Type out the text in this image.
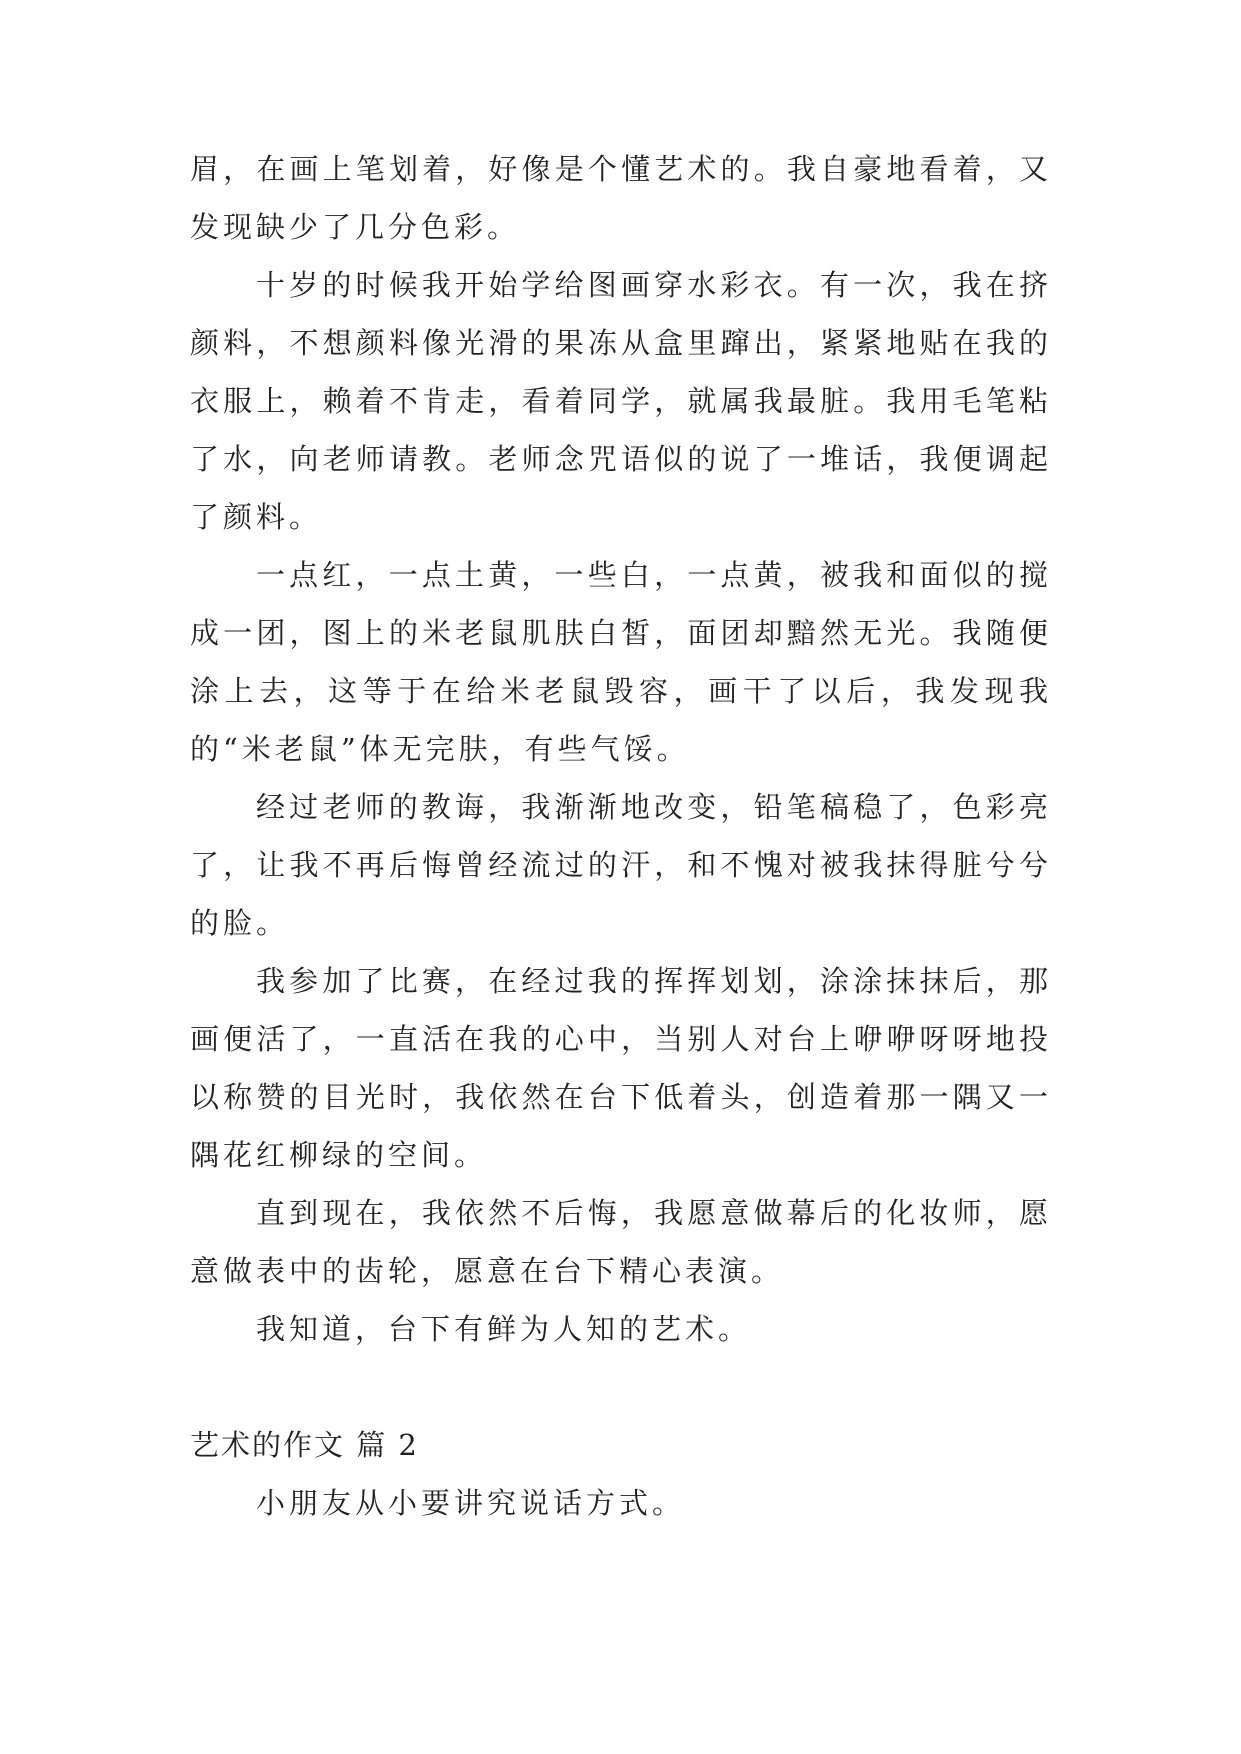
眉，在画上笔划着，好像是个懂艺术的。我自豪地看着，又发现缺少了几分色彩。

十岁的时候我开始学给图画穿水彩衣。有一次，我在挤颜料，不想颜料像光滑的果冻从盒里蹿出，紧紧地贴在我的衣服上，赖着不肯走，看着同学，就属我最脏。我用毛笔粘了水，向老师请教。老师念咒语似的说了一堆话，我便调起了颜料。

一点红，一点土黄，一些白，一点黄，被我和面似的搅成一团，图上的米老鼠肌肤白皙，面团却黯然无光。我随便涂上去，这等于在给米老鼠毁容，画干了以后，我发现我的“米老鼠”体无完肤，有些气馁。

经过老师的教诲，我渐渐地改变，铅笔稿稳了，色彩亮了，让我不再后悔曾经流过的汗，和不愧对被我抹得脏兮兮的脸。

我参加了比赛，在经过我的挥挥划划，涂涂抹抹后，那画便活了，一直活在我的心中，当别人对台上咿咿呀呀地投以称赞的目光时，我依然在台下低着头，创造着那一隅又一隅花红柳绿的空间。

直到现在，我依然不后悔，我愿意做幕后的化妆师，愿意做表中的齿轮，愿意在台下精心表演。

我知道，台下有鲜为人知的艺术。

艺术的作文 篇 2

小朋友从小要讲究说话方式。
